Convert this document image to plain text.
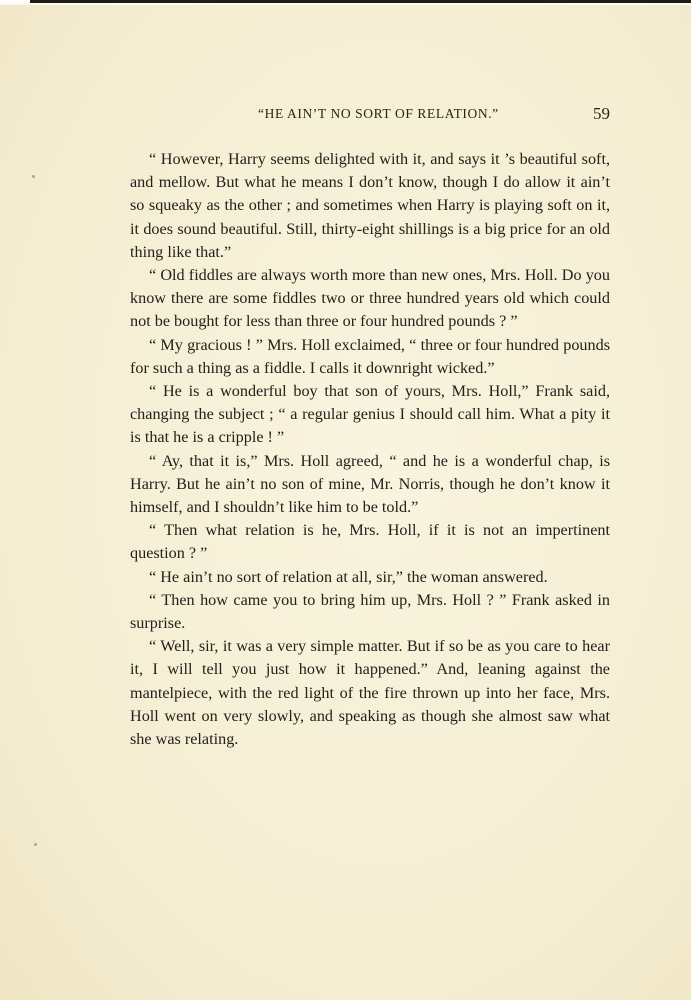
“HE AIN’T NO SORT OF RELATION.”	59

“ However, Harry seems delighted with it, and says it ’s beautiful soft, and mellow. But what he means I don’t know, though I do allow it ain’t so squeaky as the other ; and sometimes when Harry is playing soft on it, it does sound beautiful. Still, thirty-eight shillings is a big price for an old thing like that.”

“ Old fiddles are always worth more than new ones, Mrs. Holl. Do you know there are some fiddles two or three hundred years old which could not be bought for less than three or four hundred pounds ? ”

“ My gracious ! ” Mrs. Holl exclaimed, “ three or four hundred pounds for such a thing as a fiddle. I calls it downright wicked.”

“ He is a wonderful boy that son of yours, Mrs. Holl,” Frank said, changing the subject ; “ a regular genius I should call him. What a pity it is that he is a cripple ! ”

“ Ay, that it is,” Mrs. Holl agreed, “ and he is a wonderful chap, is Harry. But he ain’t no son of mine, Mr. Norris, though he don’t know it himself, and I shouldn’t like him to be told.”

“ Then what relation is he, Mrs. Holl, if it is not an impertinent question ? ”

“ He ain’t no sort of relation at all, sir,” the woman answered.

“ Then how came you to bring him up, Mrs. Holl ? ” Frank asked in surprise.

“ Well, sir, it was a very simple matter. But if so be as you care to hear it, I will tell you just how it happened.” And, leaning against the mantelpiece, with the red light of the fire thrown up into her face, Mrs. Holl went on very slowly, and speaking as though she almost saw what she was relating.
